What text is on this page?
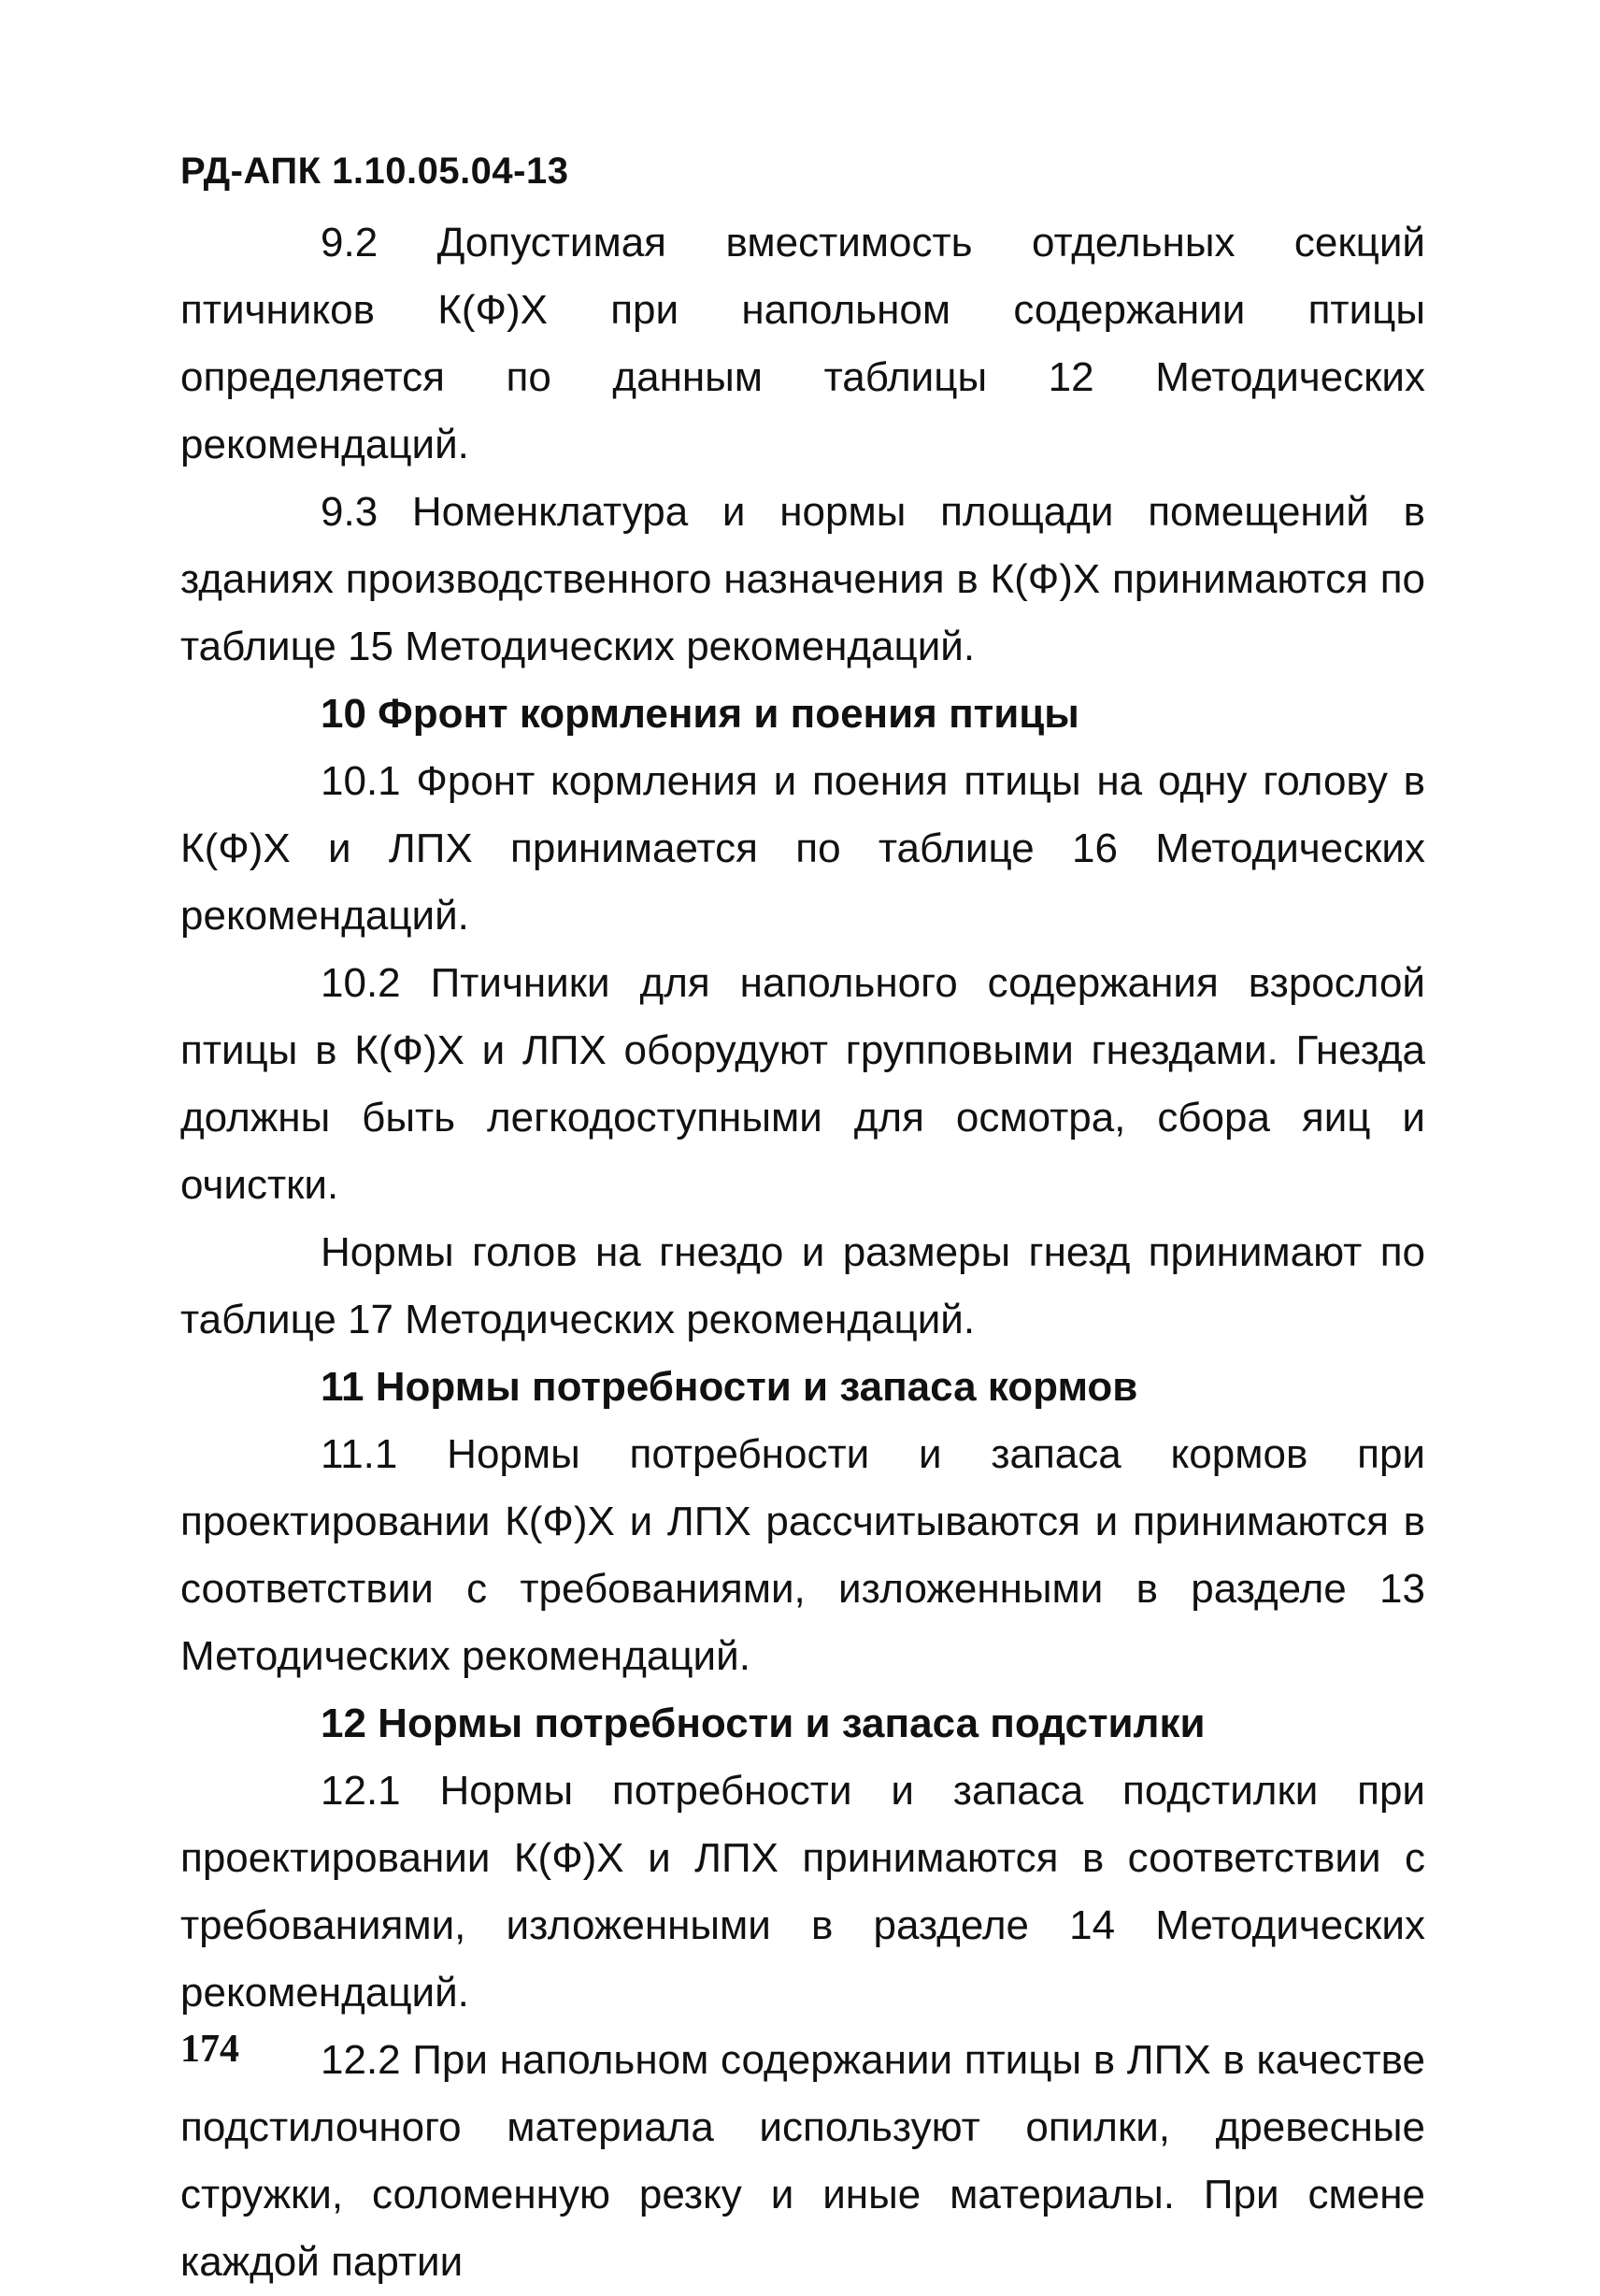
РД-АПК 1.10.05.04-13

9.2 Допустимая вместимость отдельных секций птичников К(Ф)Х при напольном содержании птицы определяется по данным таблицы 12 Методических рекомендаций.

9.3 Номенклатура и нормы площади помещений в зданиях производственного назначения в К(Ф)Х принимаются по таблице 15 Методических рекомендаций.

10 Фронт кормления и поения птицы

10.1 Фронт кормления и поения птицы на одну голову в К(Ф)Х и ЛПХ принимается по таблице 16 Методических рекомендаций.

10.2 Птичники для напольного содержания взрослой птицы в К(Ф)Х и ЛПХ оборудуют групповыми гнездами. Гнезда должны быть легкодоступными для осмотра, сбора яиц и очистки.

Нормы голов на гнездо и размеры гнезд принимают по таблице 17 Методических рекомендаций.

11 Нормы потребности и запаса кормов

11.1 Нормы потребности и запаса кормов при проектировании К(Ф)Х и ЛПХ рассчитываются и принимаются в соответствии с требованиями, изложенными в разделе 13 Методических рекомендаций.

12 Нормы потребности и запаса подстилки

12.1 Нормы потребности и запаса подстилки при проектировании К(Ф)Х и ЛПХ принимаются в соответствии с требованиями, изложенными в разделе 14 Методических рекомендаций.

12.2 При напольном содержании птицы в ЛПХ в качестве подстилочного материала используют опилки, древесные стружки, соломенную резку и иные материалы. При смене каждой партии

174
